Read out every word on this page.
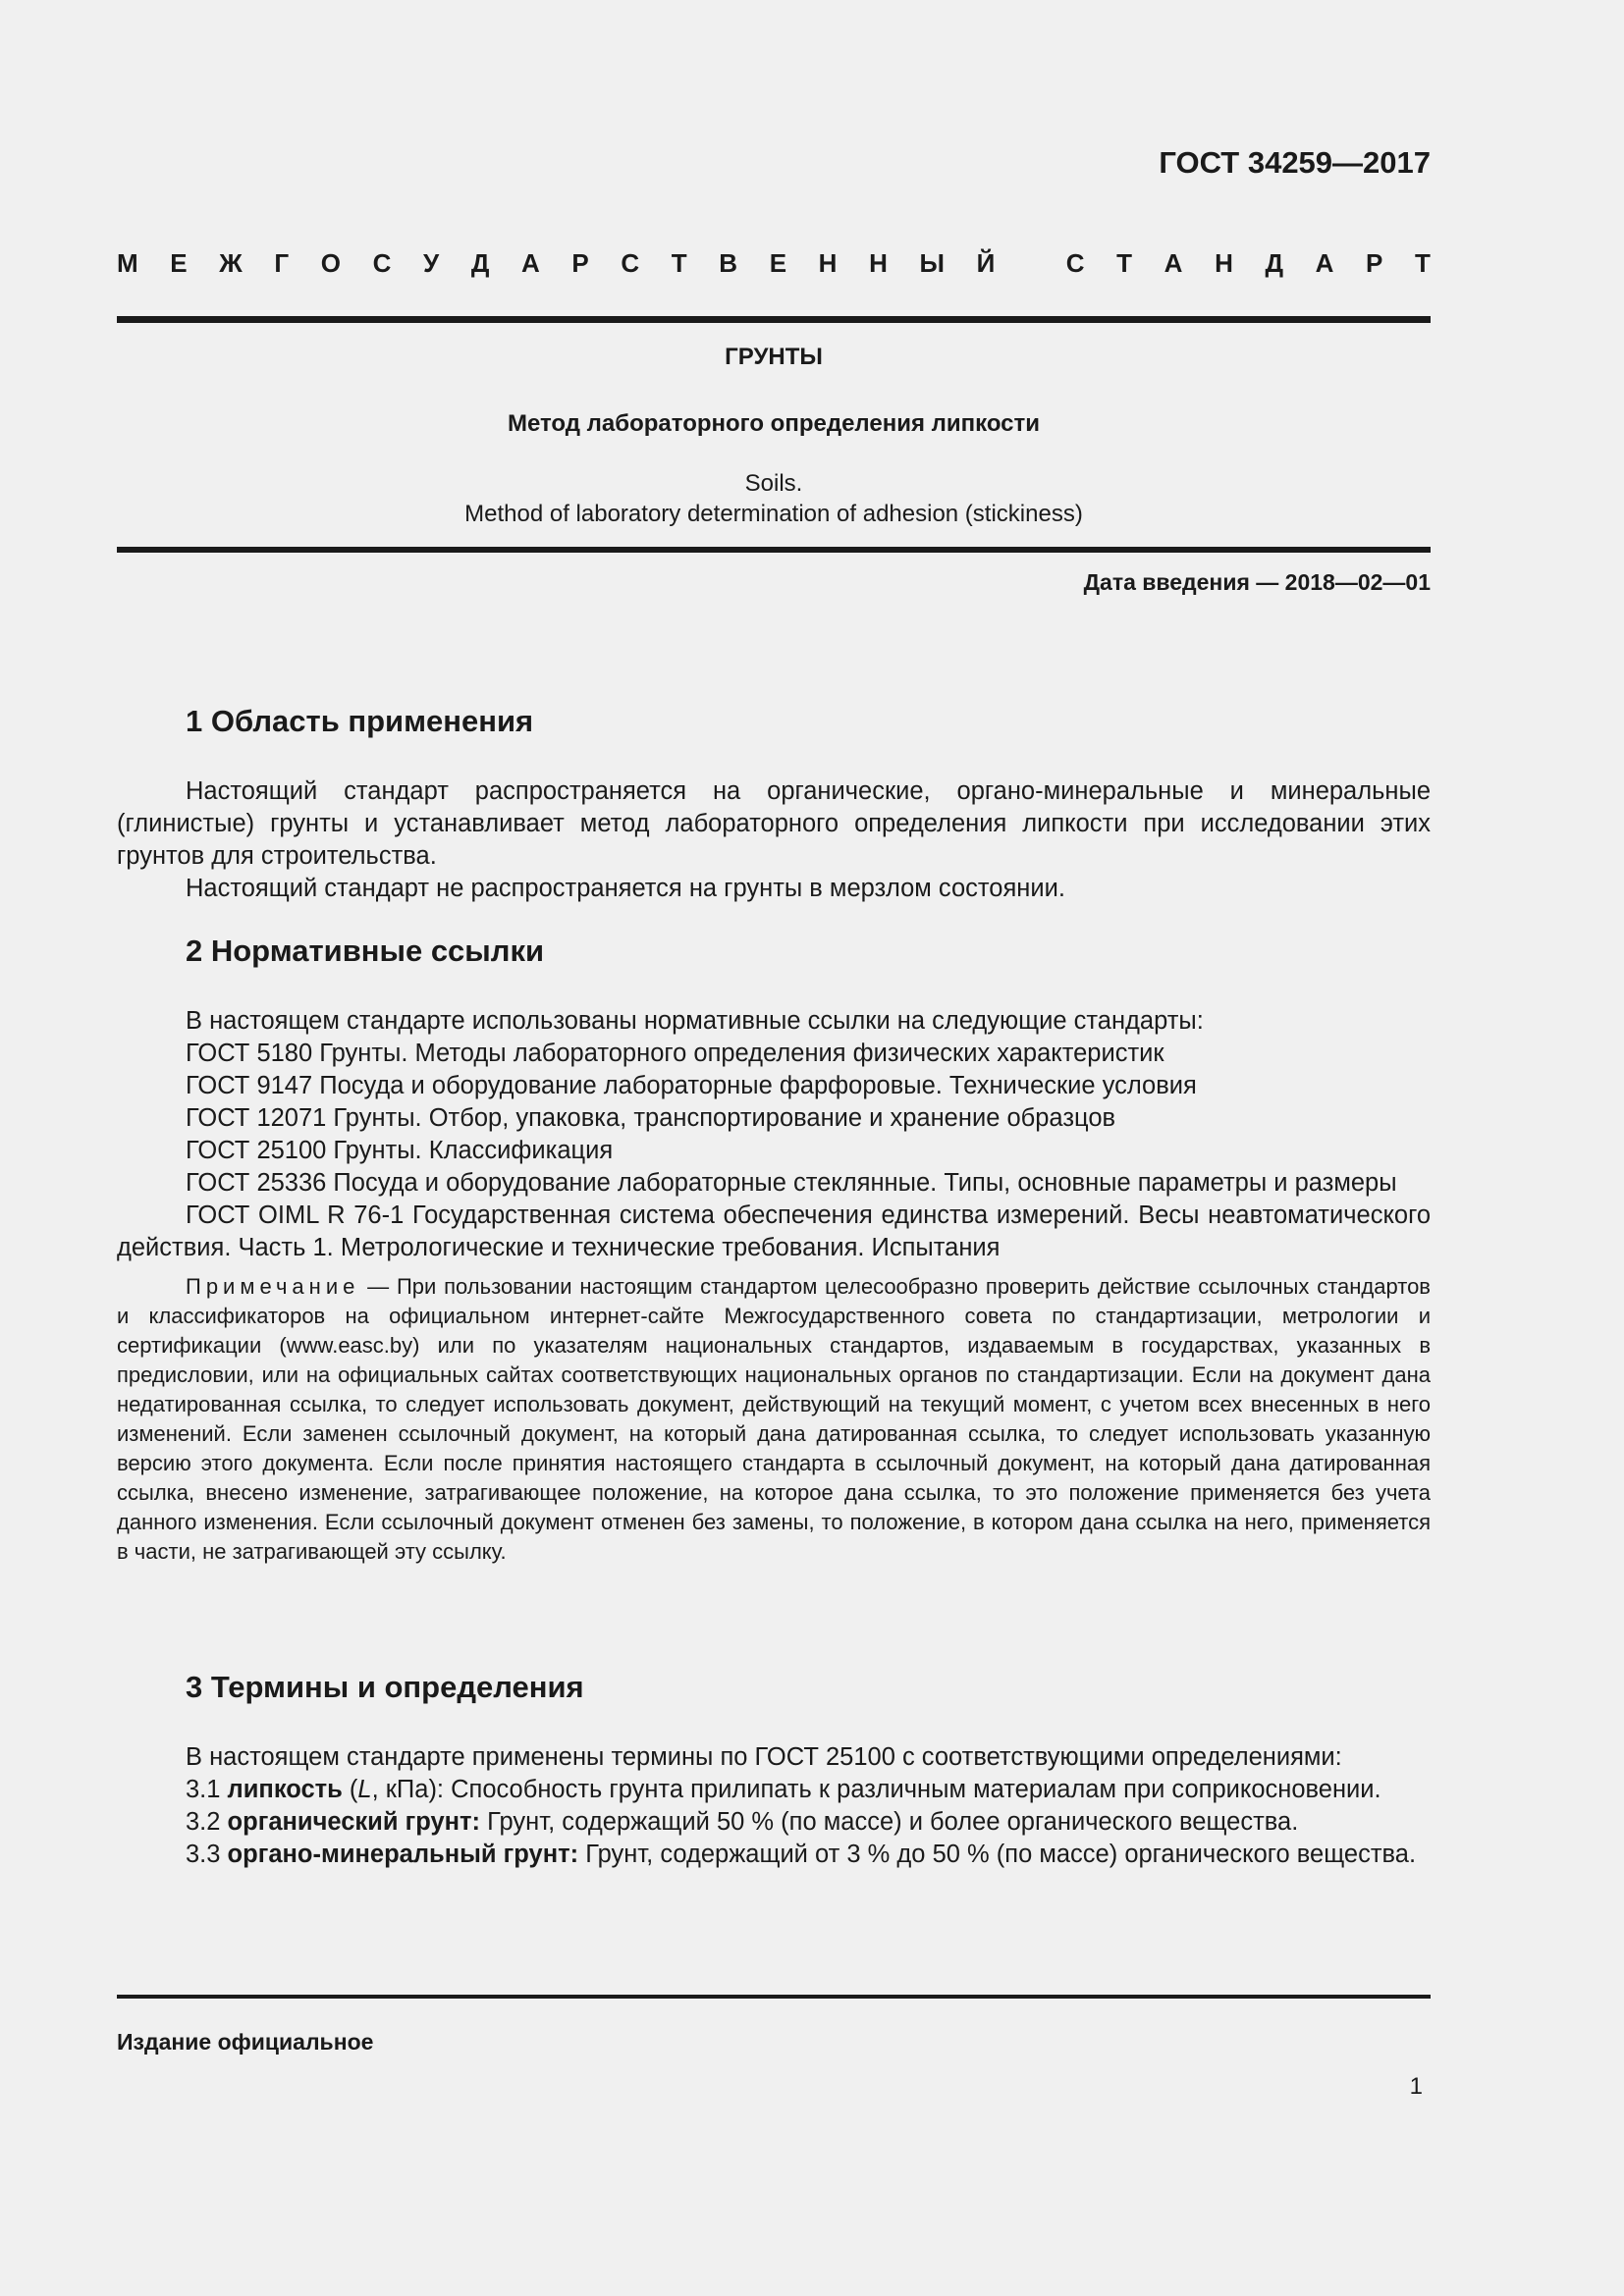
ГОСТ 34259—2017
М Е Ж Г О С У Д А Р С Т В Е Н Н Ы Й
	С Т А Н Д А Р Т
ГРУНТЫ
Метод лабораторного определения липкости
Soils.
Method of laboratory determination of adhesion (stickiness)
Дата введения — 2018—02—01
1 Область применения

Настоящий стандарт распространяется на органические, органо-минеральные и минеральные (глинистые) грунты и устанавливает метод лабораторного определения липкости при исследовании этих грунтов для строительства.

Настоящий стандарт не распространяется на грунты в мерзлом состоянии.

2 Нормативные ссылки

В настоящем стандарте использованы нормативные ссылки на следующие стандарты:

ГОСТ 5180 Грунты. Методы лабораторного определения физических характеристик

ГОСТ 9147 Посуда и оборудование лабораторные фарфоровые. Технические условия

ГОСТ 12071 Грунты. Отбор, упаковка, транспортирование и хранение образцов

ГОСТ 25100 Грунты. Классификация

ГОСТ 25336 Посуда и оборудование лабораторные стеклянные. Типы, основные параметры и размеры

ГОСТ OIML R 76-1 Государственная система обеспечения единства измерений. Весы неавтоматического действия. Часть 1. Метрологические и технические требования. Испытания

Примечание — При пользовании настоящим стандартом целесообразно проверить действие ссылочных стандартов и классификаторов на официальном интернет-сайте Межгосударственного совета по стандартизации, метрологии и сертификации (www.easc.by) или по указателям национальных стандартов, издаваемым в государствах, указанных в предисловии, или на официальных сайтах соответствующих национальных органов по стандартизации. Если на документ дана недатированная ссылка, то следует использовать документ, действующий на текущий момент, с учетом всех внесенных в него изменений. Если заменен ссылочный документ, на который дана датированная ссылка, то следует использовать указанную версию этого документа. Если после принятия настоящего стандарта в ссылочный документ, на который дана датированная ссылка, внесено изменение, затрагивающее положение, на которое дана ссылка, то это положение применяется без учета данного изменения. Если ссылочный документ отменен без замены, то положение, в котором дана ссылка на него, применяется в части, не затрагивающей эту ссылку.

3 Термины и определения

В настоящем стандарте применены термины по ГОСТ 25100 с соответствующими определениями:

3.1 липкость (L, кПа): Способность грунта прилипать к различным материалам при соприкосновении.

3.2 органический грунт: Грунт, содержащий 50 % (по массе) и более органического вещества.

3.3 органо-минеральный грунт: Грунт, содержащий от 3 % до 50 % (по массе) органического вещества.

Издание официальное
1
